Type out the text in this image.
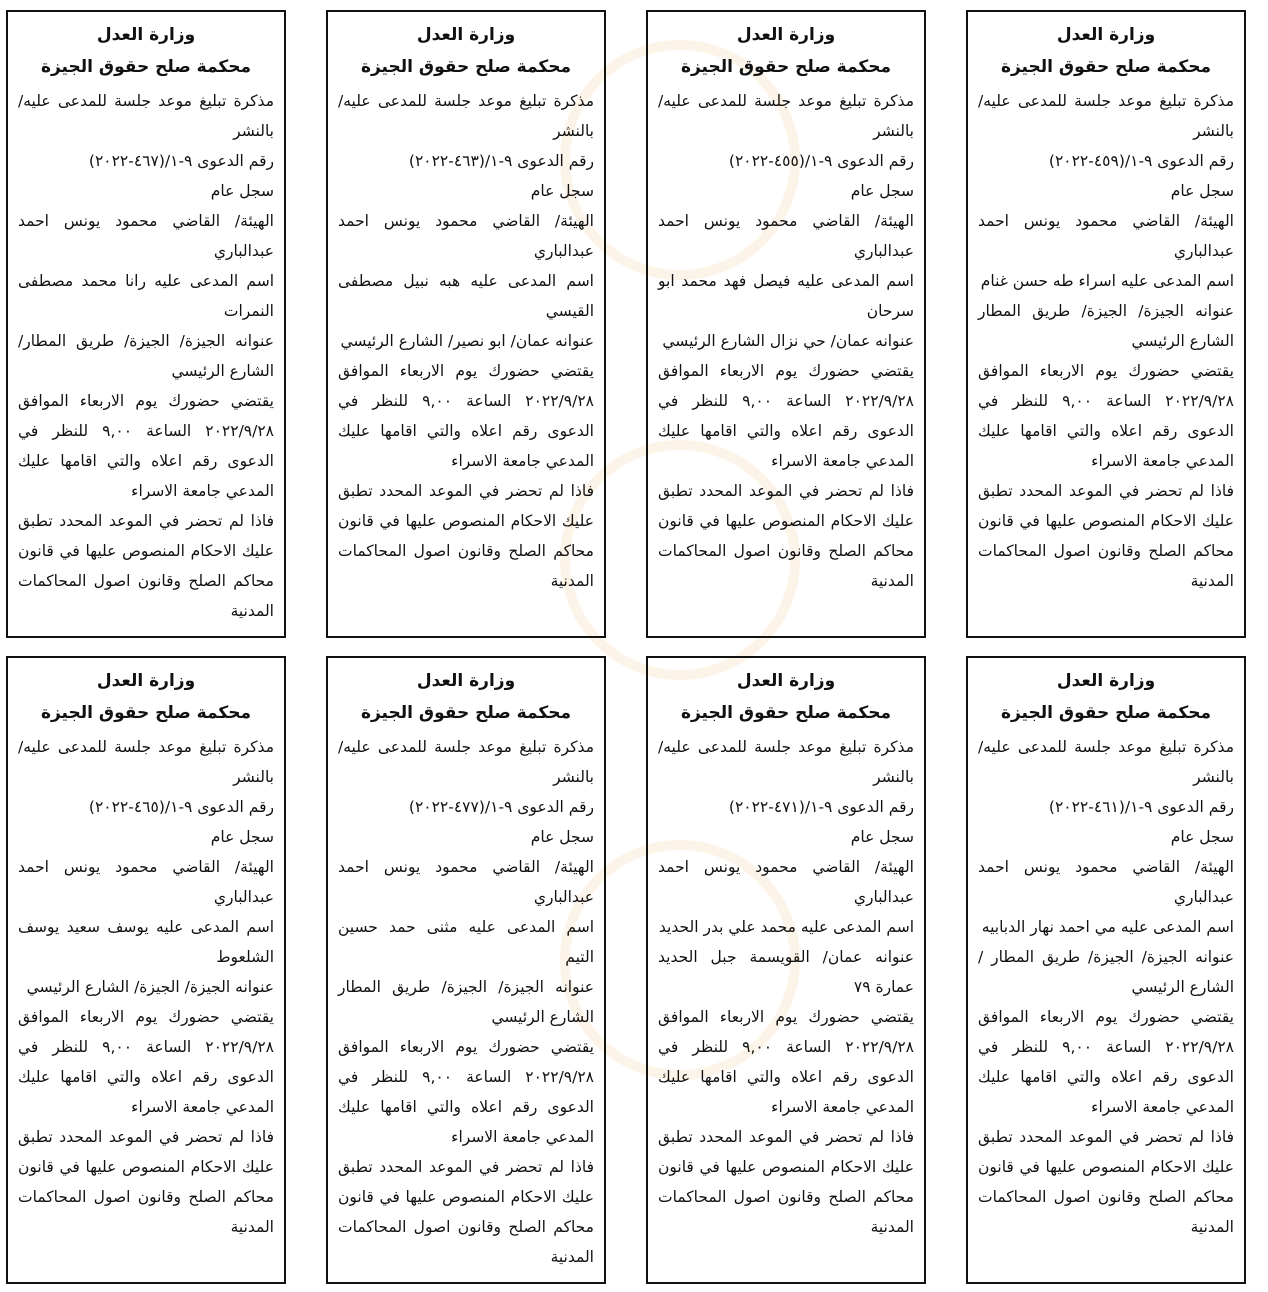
وزارة العدل
محكمة صلح حقوق الجيزة
مذكرة تبليغ موعد جلسة للمدعى عليه/ بالنشر
رقم الدعوى ٩-١/(٤٥٩-٢٠٢٢)
سجل عام
الهيئة/ القاضي محمود يونس احمد عبدالباري
اسم المدعى عليه اسراء طه حسن غنام
عنوانه الجيزة/ الجيزة/ طريق المطار الشارع الرئيسي
يقتضي حضورك يوم الاربعاء الموافق ٢٠٢٢/٩/٢٨ الساعة ٩,٠٠ للنظر في الدعوى رقم اعلاه والتي اقامها عليك المدعي جامعة الاسراء
فاذا لم تحضر في الموعد المحدد تطبق عليك الاحكام المنصوص عليها في قانون محاكم الصلح وقانون اصول المحاكمات المدنية
وزارة العدل
محكمة صلح حقوق الجيزة
مذكرة تبليغ موعد جلسة للمدعى عليه/ بالنشر
رقم الدعوى ٩-١/(٤٥٥-٢٠٢٢)
سجل عام
الهيئة/ القاضي محمود يونس احمد عبدالباري
اسم المدعى عليه فيصل فهد محمد ابو سرحان
عنوانه عمان/ حي نزال الشارع الرئيسي
يقتضي حضورك يوم الاربعاء الموافق ٢٠٢٢/٩/٢٨ الساعة ٩,٠٠ للنظر في الدعوى رقم اعلاه والتي اقامها عليك المدعي جامعة الاسراء
فاذا لم تحضر في الموعد المحدد تطبق عليك الاحكام المنصوص عليها في قانون محاكم الصلح وقانون اصول المحاكمات المدنية
وزارة العدل
محكمة صلح حقوق الجيزة
مذكرة تبليغ موعد جلسة للمدعى عليه/ بالنشر
رقم الدعوى ٩-١/(٤٦٣-٢٠٢٢)
سجل عام
الهيئة/ القاضي محمود يونس احمد عبدالباري
اسم المدعى عليه هبه نبيل مصطفى القيسي
عنوانه عمان/ ابو نصير/ الشارع الرئيسي
يقتضي حضورك يوم الاربعاء الموافق ٢٠٢٢/٩/٢٨ الساعة ٩,٠٠ للنظر في الدعوى رقم اعلاه والتي اقامها عليك المدعي جامعة الاسراء
فاذا لم تحضر في الموعد المحدد تطبق عليك الاحكام المنصوص عليها في قانون محاكم الصلح وقانون اصول المحاكمات المدنية
وزارة العدل
محكمة صلح حقوق الجيزة
مذكرة تبليغ موعد جلسة للمدعى عليه/ بالنشر
رقم الدعوى ٩-١/(٤٦٧-٢٠٢٢)
سجل عام
الهيئة/ القاضي محمود يونس احمد عبدالباري
اسم المدعى عليه رانا محمد مصطفى النمرات
عنوانه الجيزة/ الجيزة/ طريق المطار/ الشارع الرئيسي
يقتضي حضورك يوم الاربعاء الموافق ٢٠٢٢/٩/٢٨ الساعة ٩,٠٠ للنظر في الدعوى رقم اعلاه والتي اقامها عليك المدعي جامعة الاسراء
فاذا لم تحضر في الموعد المحدد تطبق عليك الاحكام المنصوص عليها في قانون محاكم الصلح وقانون اصول المحاكمات المدنية
وزارة العدل
محكمة صلح حقوق الجيزة
مذكرة تبليغ موعد جلسة للمدعى عليه/ بالنشر
رقم الدعوى ٩-١/(٤٦١-٢٠٢٢)
سجل عام
الهيئة/ القاضي محمود يونس احمد عبدالباري
اسم المدعى عليه مي احمد نهار الدبابيه
عنوانه الجيزة/ الجيزة/ طريق المطار / الشارع الرئيسي
يقتضي حضورك يوم الاربعاء الموافق ٢٠٢٢/٩/٢٨ الساعة ٩,٠٠ للنظر في الدعوى رقم اعلاه والتي اقامها عليك المدعي جامعة الاسراء
فاذا لم تحضر في الموعد المحدد تطبق عليك الاحكام المنصوص عليها في قانون محاكم الصلح وقانون اصول المحاكمات المدنية
وزارة العدل
محكمة صلح حقوق الجيزة
مذكرة تبليغ موعد جلسة للمدعى عليه/ بالنشر
رقم الدعوى ٩-١/(٤٧١-٢٠٢٢)
سجل عام
الهيئة/ القاضي محمود يونس احمد عبدالباري
اسم المدعى عليه محمد علي بدر الحديد
عنوانه عمان/ القويسمة جبل الحديد عمارة ٧٩
يقتضي حضورك يوم الاربعاء الموافق ٢٠٢٢/٩/٢٨ الساعة ٩,٠٠ للنظر في الدعوى رقم اعلاه والتي اقامها عليك المدعي جامعة الاسراء
فاذا لم تحضر في الموعد المحدد تطبق عليك الاحكام المنصوص عليها في قانون محاكم الصلح وقانون اصول المحاكمات المدنية
وزارة العدل
محكمة صلح حقوق الجيزة
مذكرة تبليغ موعد جلسة للمدعى عليه/ بالنشر
رقم الدعوى ٩-١/(٤٧٧-٢٠٢٢)
سجل عام
الهيئة/ القاضي محمود يونس احمد عبدالباري
اسم المدعى عليه مثنى حمد حسين التيم
عنوانه الجيزة/ الجيزة/ طريق المطار الشارع الرئيسي
يقتضي حضورك يوم الاربعاء الموافق ٢٠٢٢/٩/٢٨ الساعة ٩,٠٠ للنظر في الدعوى رقم اعلاه والتي اقامها عليك المدعي جامعة الاسراء
فاذا لم تحضر في الموعد المحدد تطبق عليك الاحكام المنصوص عليها في قانون محاكم الصلح وقانون اصول المحاكمات المدنية
وزارة العدل
محكمة صلح حقوق الجيزة
مذكرة تبليغ موعد جلسة للمدعى عليه/ بالنشر
رقم الدعوى ٩-١/(٤٦٥-٢٠٢٢)
سجل عام
الهيئة/ القاضي محمود يونس احمد عبدالباري
اسم المدعى عليه يوسف سعيد يوسف الشلعوط
عنوانه الجيزة/ الجيزة/ الشارع الرئيسي
يقتضي حضورك يوم الاربعاء الموافق ٢٠٢٢/٩/٢٨ الساعة ٩,٠٠ للنظر في الدعوى رقم اعلاه والتي اقامها عليك المدعي جامعة الاسراء
فاذا لم تحضر في الموعد المحدد تطبق عليك الاحكام المنصوص عليها في قانون محاكم الصلح وقانون اصول المحاكمات المدنية
